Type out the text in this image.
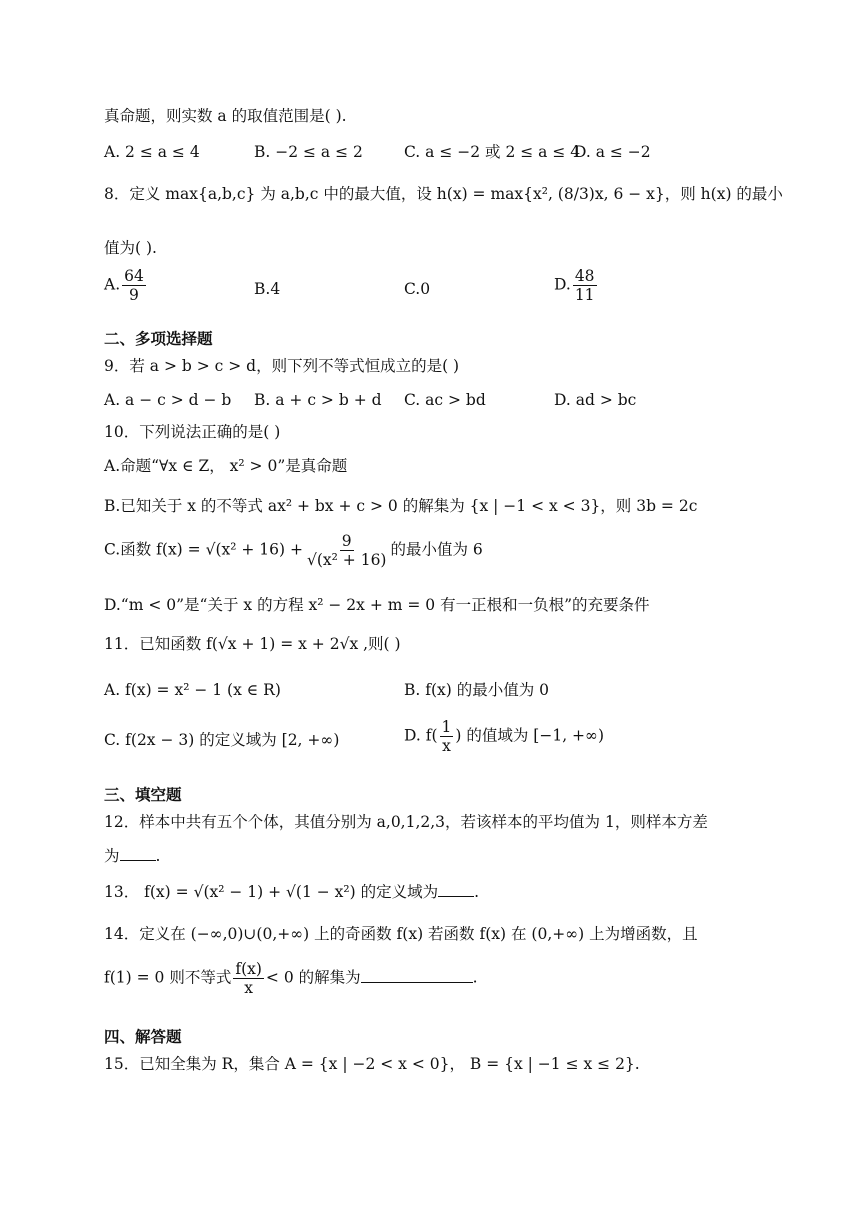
真命题，则实数 a 的取值范围是( ).
A. 2 ≤ a ≤ 4	B. −2 ≤ a ≤ 2	C. a ≤ −2 或 2 ≤ a ≤ 4
D. a ≤ −2
8．定义 max{a,b,c} 为 a,b,c 中的最大值，设 h(x) = max{x², (8/3)x, 6 − x}，则 h(x) 的最小
值为( ).
A. $\frac{64}{9}$	B.4	C.0	D. $\frac{48}{11}$
二、多项选择题
9．若 a > b > c > d，则下列不等式恒成立的是( )
A. a − c > d − b B. a + c > b + d C. ac > bd	D. ad > bc
10．下列说法正确的是( )
A.命题“∀x ∈ Z， x² > 0”是真命题
B.已知关于 x 的不等式 ax² + bx + c > 0 的解集为 {x | −1 < x < 3}，则 3b = 2c
C.函数 $f(x) = √(x^2 + 16) + \frac{9}{\text{√(x² + 16)}}$ 的最小值为 6
D.“m < 0”是“关于 x 的方程 x² − 2x + m = 0 有一正根和一负根”的充要条件
11．已知函数 f(√x + 1) = x + 2√x ,则( )
A. f(x) = x² − 1 (x ∈ R)	B. f(x) 的最小值为 0
C. f(2x − 3) 的定义域为 [2, +∞)	D. $f( \frac{1}{x}$ ) 的值域为 [−1, +∞)
三、填空题
12．样本中共有五个个体，其值分别为 a,0,1,2,3，若该样本的平均值为 1，则样本方差
为 .
13． f(x) = √(x² − 1) + √(1 − x²) 的定义域为 .
14．定义在 (−∞,0)∪(0,+∞) 上的奇函数 f(x) 若函数 f(x) 在 (0,+∞) 上为增函数，且
f(1) = 0 则不等式 $\frac{f(x)}{x} < 0$ 的解集为	.
四、解答题
15．已知全集为 R，集合 A = {x | −2 < x < 0}， B = {x | −1 ≤ x ≤ 2}.
